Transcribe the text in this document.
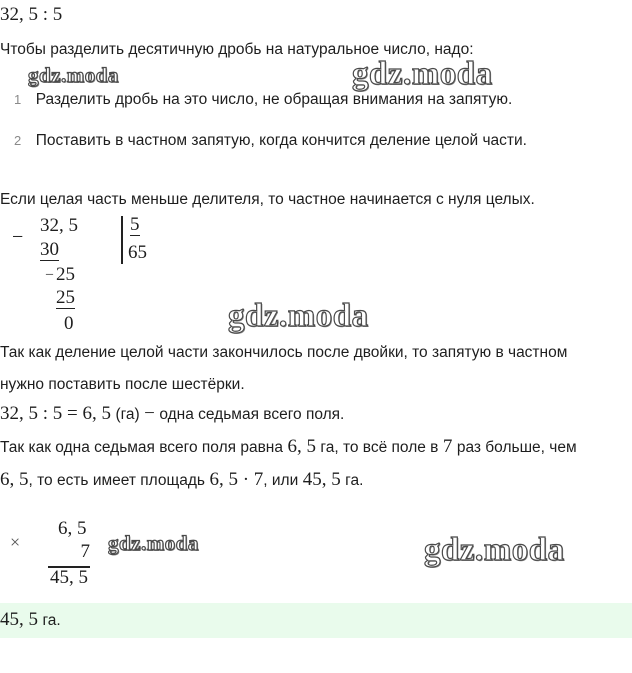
32, 5 : 5
Чтобы разделить десятичную дробь на натуральное число, надо:
gdz.moda	gdz.moda
gdz.moda
gdz.moda	gdz.moda
1 Разделить дробь на это число, не обращая внимания на запятую.
2 Поставить в частном запятую, когда кончится деление целой части.
Если целая часть меньше делителя, то частное начинается с нуля целых.
−
32, 5
30
5
65
_ 25
25
0
Так как деление целой части закончилось после двойки, то запятую в частном
нужно поставить после шестёрки.
32, 5 : 5 = 6, 5 (га) − одна седьмая всего поля.
Так как одна седьмая всего поля равна 6, 5 га, то всё поле в 7 раз больше, чем
6, 5, то есть имеет площадь 6, 5 · 7, или 45, 5 га.
×
6, 5
7
45, 5
45, 5 га.
